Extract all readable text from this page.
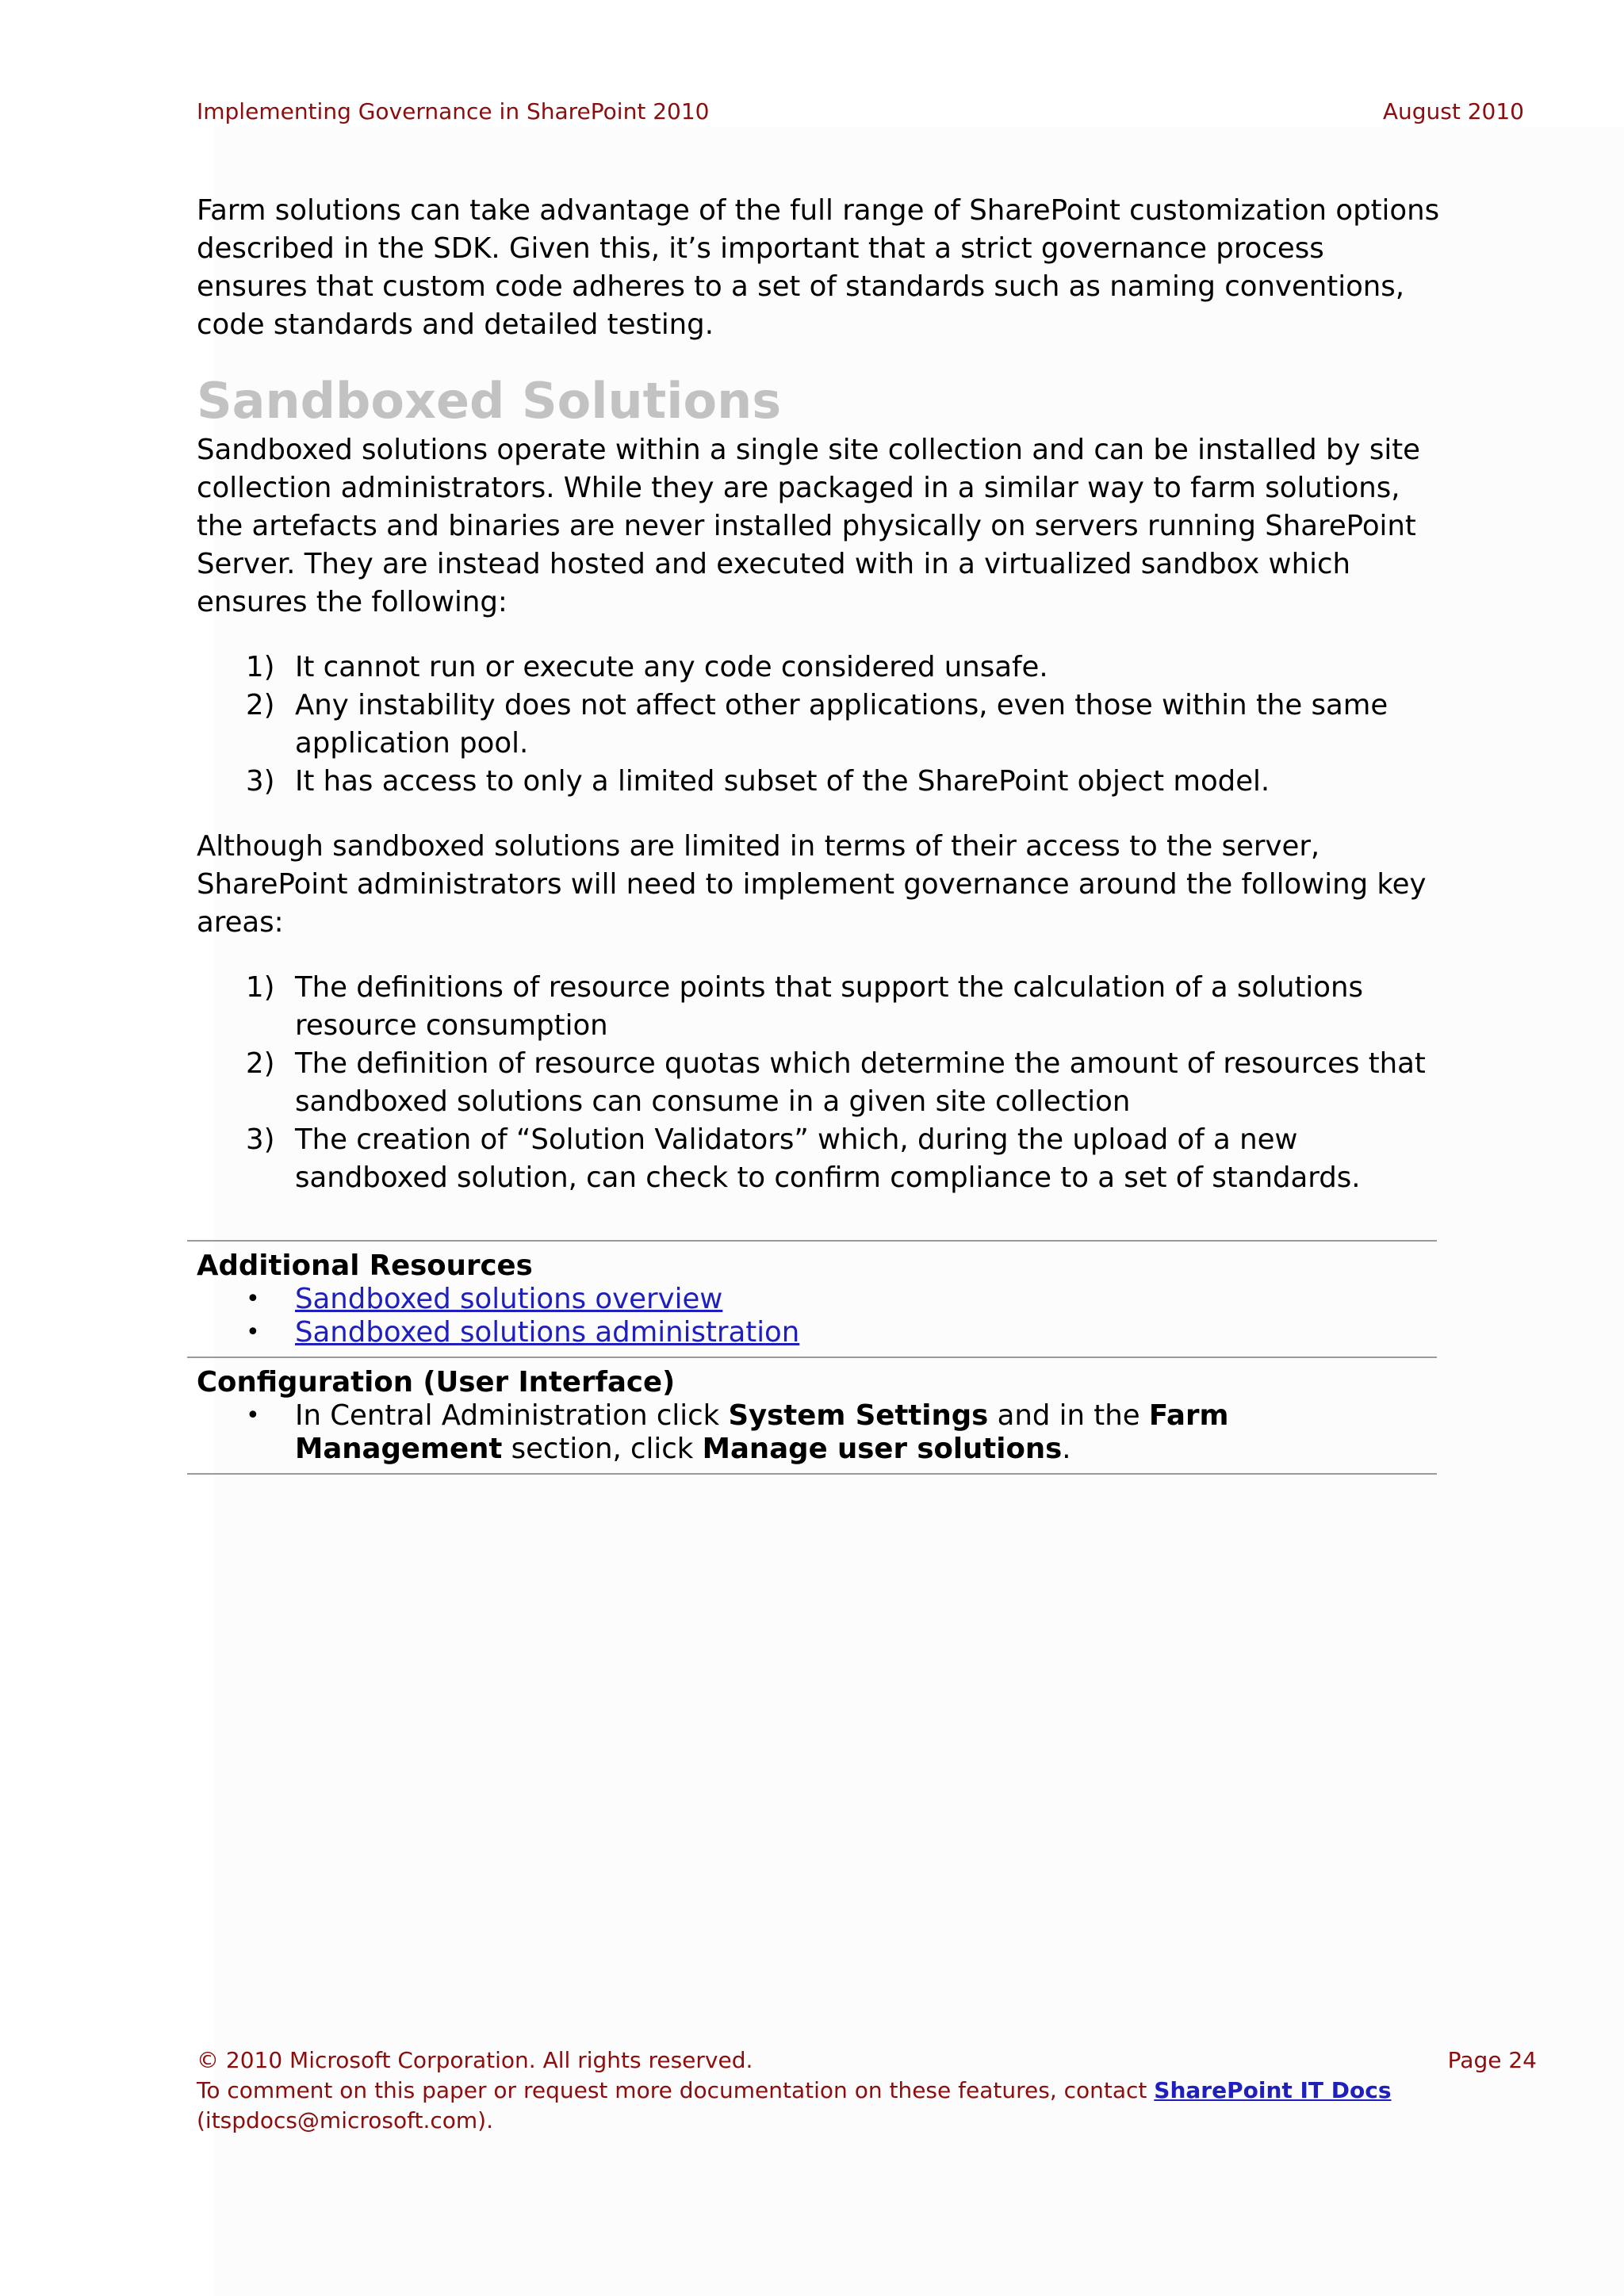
Implementing Governance in SharePoint 2010	August 2010

Farm solutions can take advantage of the full range of SharePoint customization options described in the SDK. Given this, it’s important that a strict governance process ensures that custom code adheres to a set of standards such as naming conventions, code standards and detailed testing.

Sandboxed Solutions

Sandboxed solutions operate within a single site collection and can be installed by site collection administrators. While they are packaged in a similar way to farm solutions, the artefacts and binaries are never installed physically on servers running SharePoint Server. They are instead hosted and executed with in a virtualized sandbox which ensures the following:

1) It cannot run or execute any code considered unsafe.
2) Any instability does not affect other applications, even those within the same application pool.
3) It has access to only a limited subset of the SharePoint object model.

Although sandboxed solutions are limited in terms of their access to the server, SharePoint administrators will need to implement governance around the following key areas:

1) The definitions of resource points that support the calculation of a solutions resource consumption
2) The definition of resource quotas which determine the amount of resources that sandboxed solutions can consume in a given site collection
3) The creation of “Solution Validators” which, during the upload of a new sandboxed solution, can check to confirm compliance to a set of standards.
Additional Resources
• Sandboxed solutions overview
• Sandboxed solutions administration
Configuration (User Interface)
• In Central Administration click System Settings and in the Farm Management section, click Manage user solutions.
© 2010 Microsoft Corporation. All rights reserved.	Page 24
To comment on this paper or request more documentation on these features, contact SharePoint IT Docs
(itspdocs@microsoft.com).
